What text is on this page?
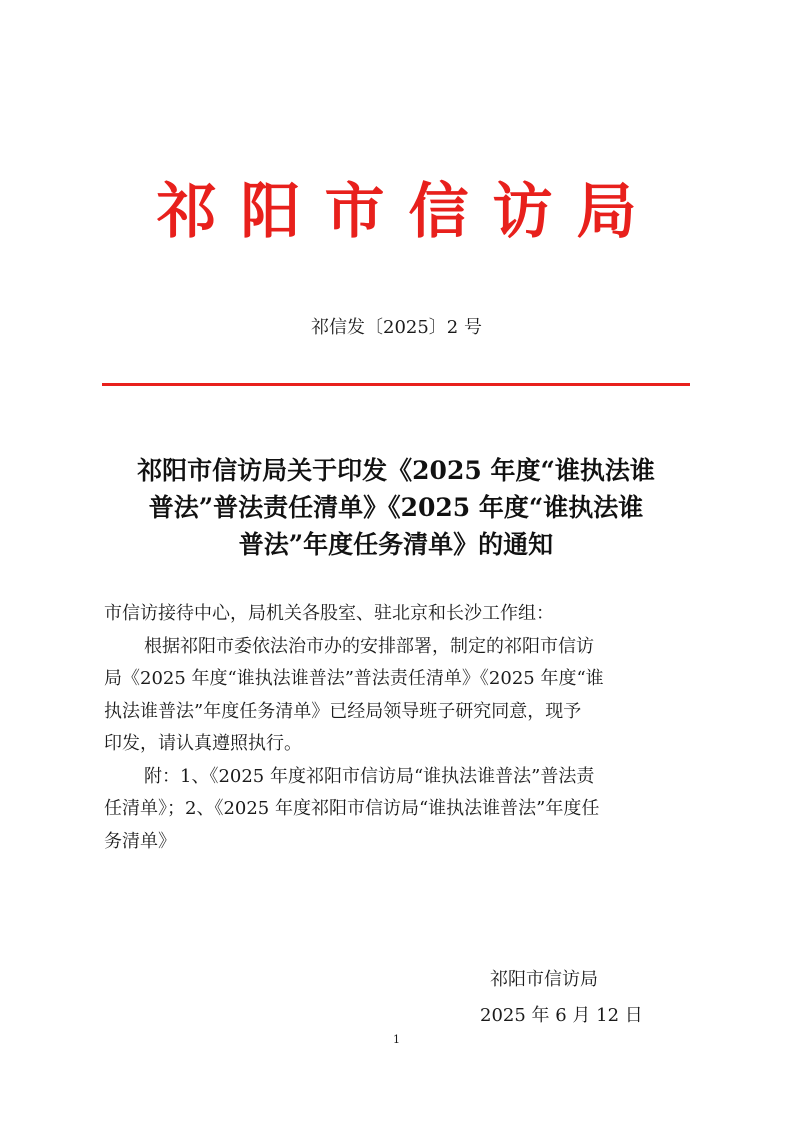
祁阳市信访局
祁信发〔2025〕2 号
祁阳市信访局关于印发《2025 年度“谁执法谁
普法”普法责任清单》《2025 年度“谁执法谁
普法”年度任务清单》的通知

市信访接待中心，局机关各股室、驻北京和长沙工作组：

根据祁阳市委依法治市办的安排部署，制定的祁阳市信访

局《2025 年度“谁执法谁普法”普法责任清单》《2025 年度“谁

执法谁普法”年度任务清单》已经局领导班子研究同意，现予

印发，请认真遵照执行。

附：1、《2025 年度祁阳市信访局“谁执法谁普法”普法责

任清单》；2、《2025 年度祁阳市信访局“谁执法谁普法”年度任

务清单》

祁阳市信访局
2025 年 6 月 12 日
1
